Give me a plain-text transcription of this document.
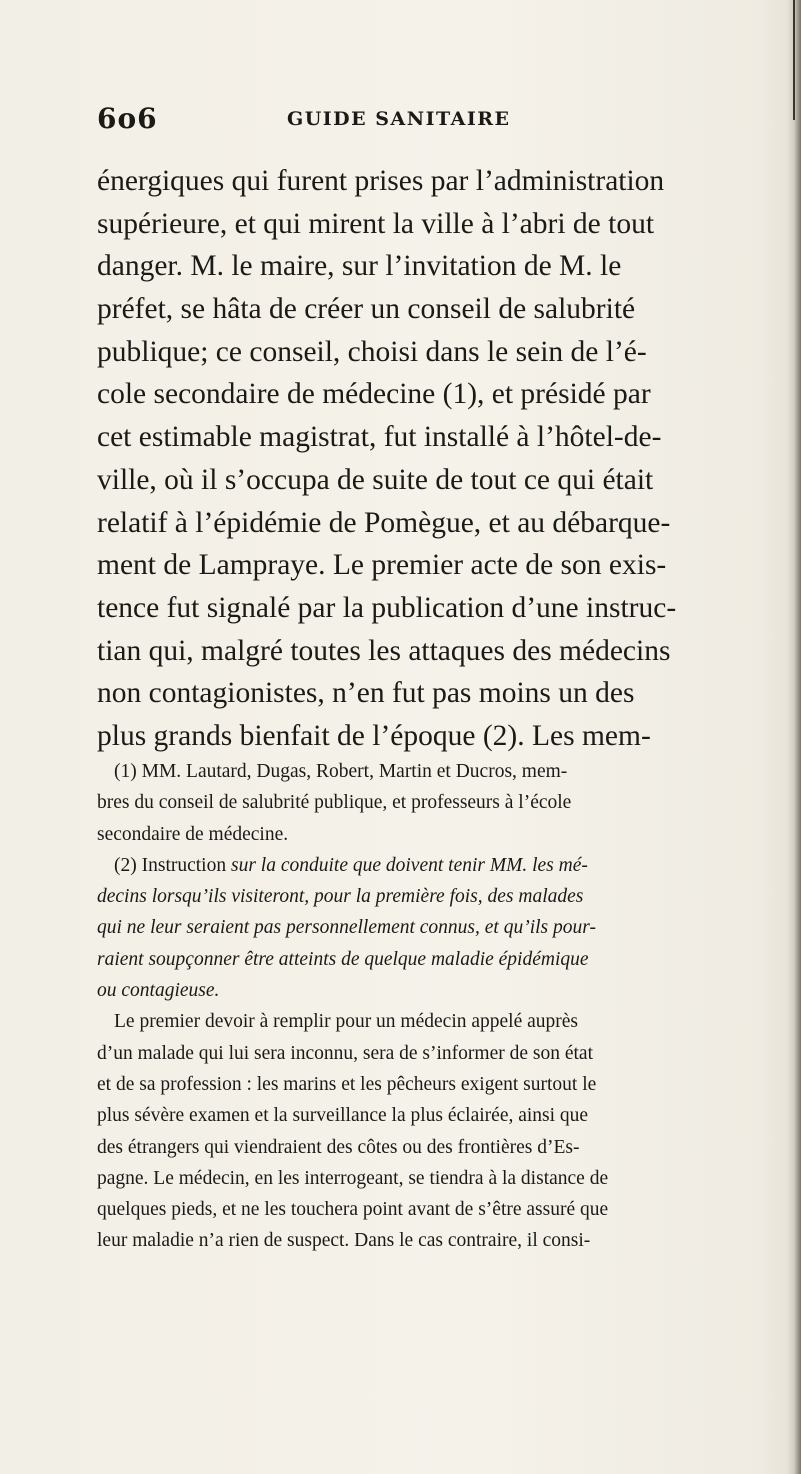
6o6	GUIDE SANITAIRE
énergiques qui furent prises par l’administration
supérieure, et qui mirent la ville à l’abri de tout
danger. M. le maire, sur l’invitation de M. le
préfet, se hâta de créer un conseil de salubrité
publique; ce conseil, choisi dans le sein de l’é-
cole secondaire de médecine (1), et présidé par
cet estimable magistrat, fut installé à l’hôtel-de-
ville, où il s’occupa de suite de tout ce qui était
relatif à l’épidémie de Pomègue, et au débarque-
ment de Lampraye. Le premier acte de son exis-
tence fut signalé par la publication d’une instruc-
tian qui, malgré toutes les attaques des médecins
non contagionistes, n’en fut pas moins un des
plus grands bienfait de l’époque (2). Les mem-
(1) MM. Lautard, Dugas, Robert, Martin et Ducros, mem-
bres du conseil de salubrité publique, et professeurs à l’école
secondaire de médecine.
(2) Instruction sur la conduite que doivent tenir MM. les mé-
decins lorsqu’ils visiteront, pour la première fois, des malades
qui ne leur seraient pas personnellement connus, et qu’ils pour-
raient soupçonner être atteints de quelque maladie épidémique
ou contagieuse.
Le premier devoir à remplir pour un médecin appelé auprès
d’un malade qui lui sera inconnu, sera de s’informer de son état
et de sa profession : les marins et les pêcheurs exigent surtout le
plus sévère examen et la surveillance la plus éclairée, ainsi que
des étrangers qui viendraient des côtes ou des frontières d’Es-
pagne. Le médecin, en les interrogeant, se tiendra à la distance de
quelques pieds, et ne les touchera point avant de s’être assuré que
leur maladie n’a rien de suspect. Dans le cas contraire, il consi-
